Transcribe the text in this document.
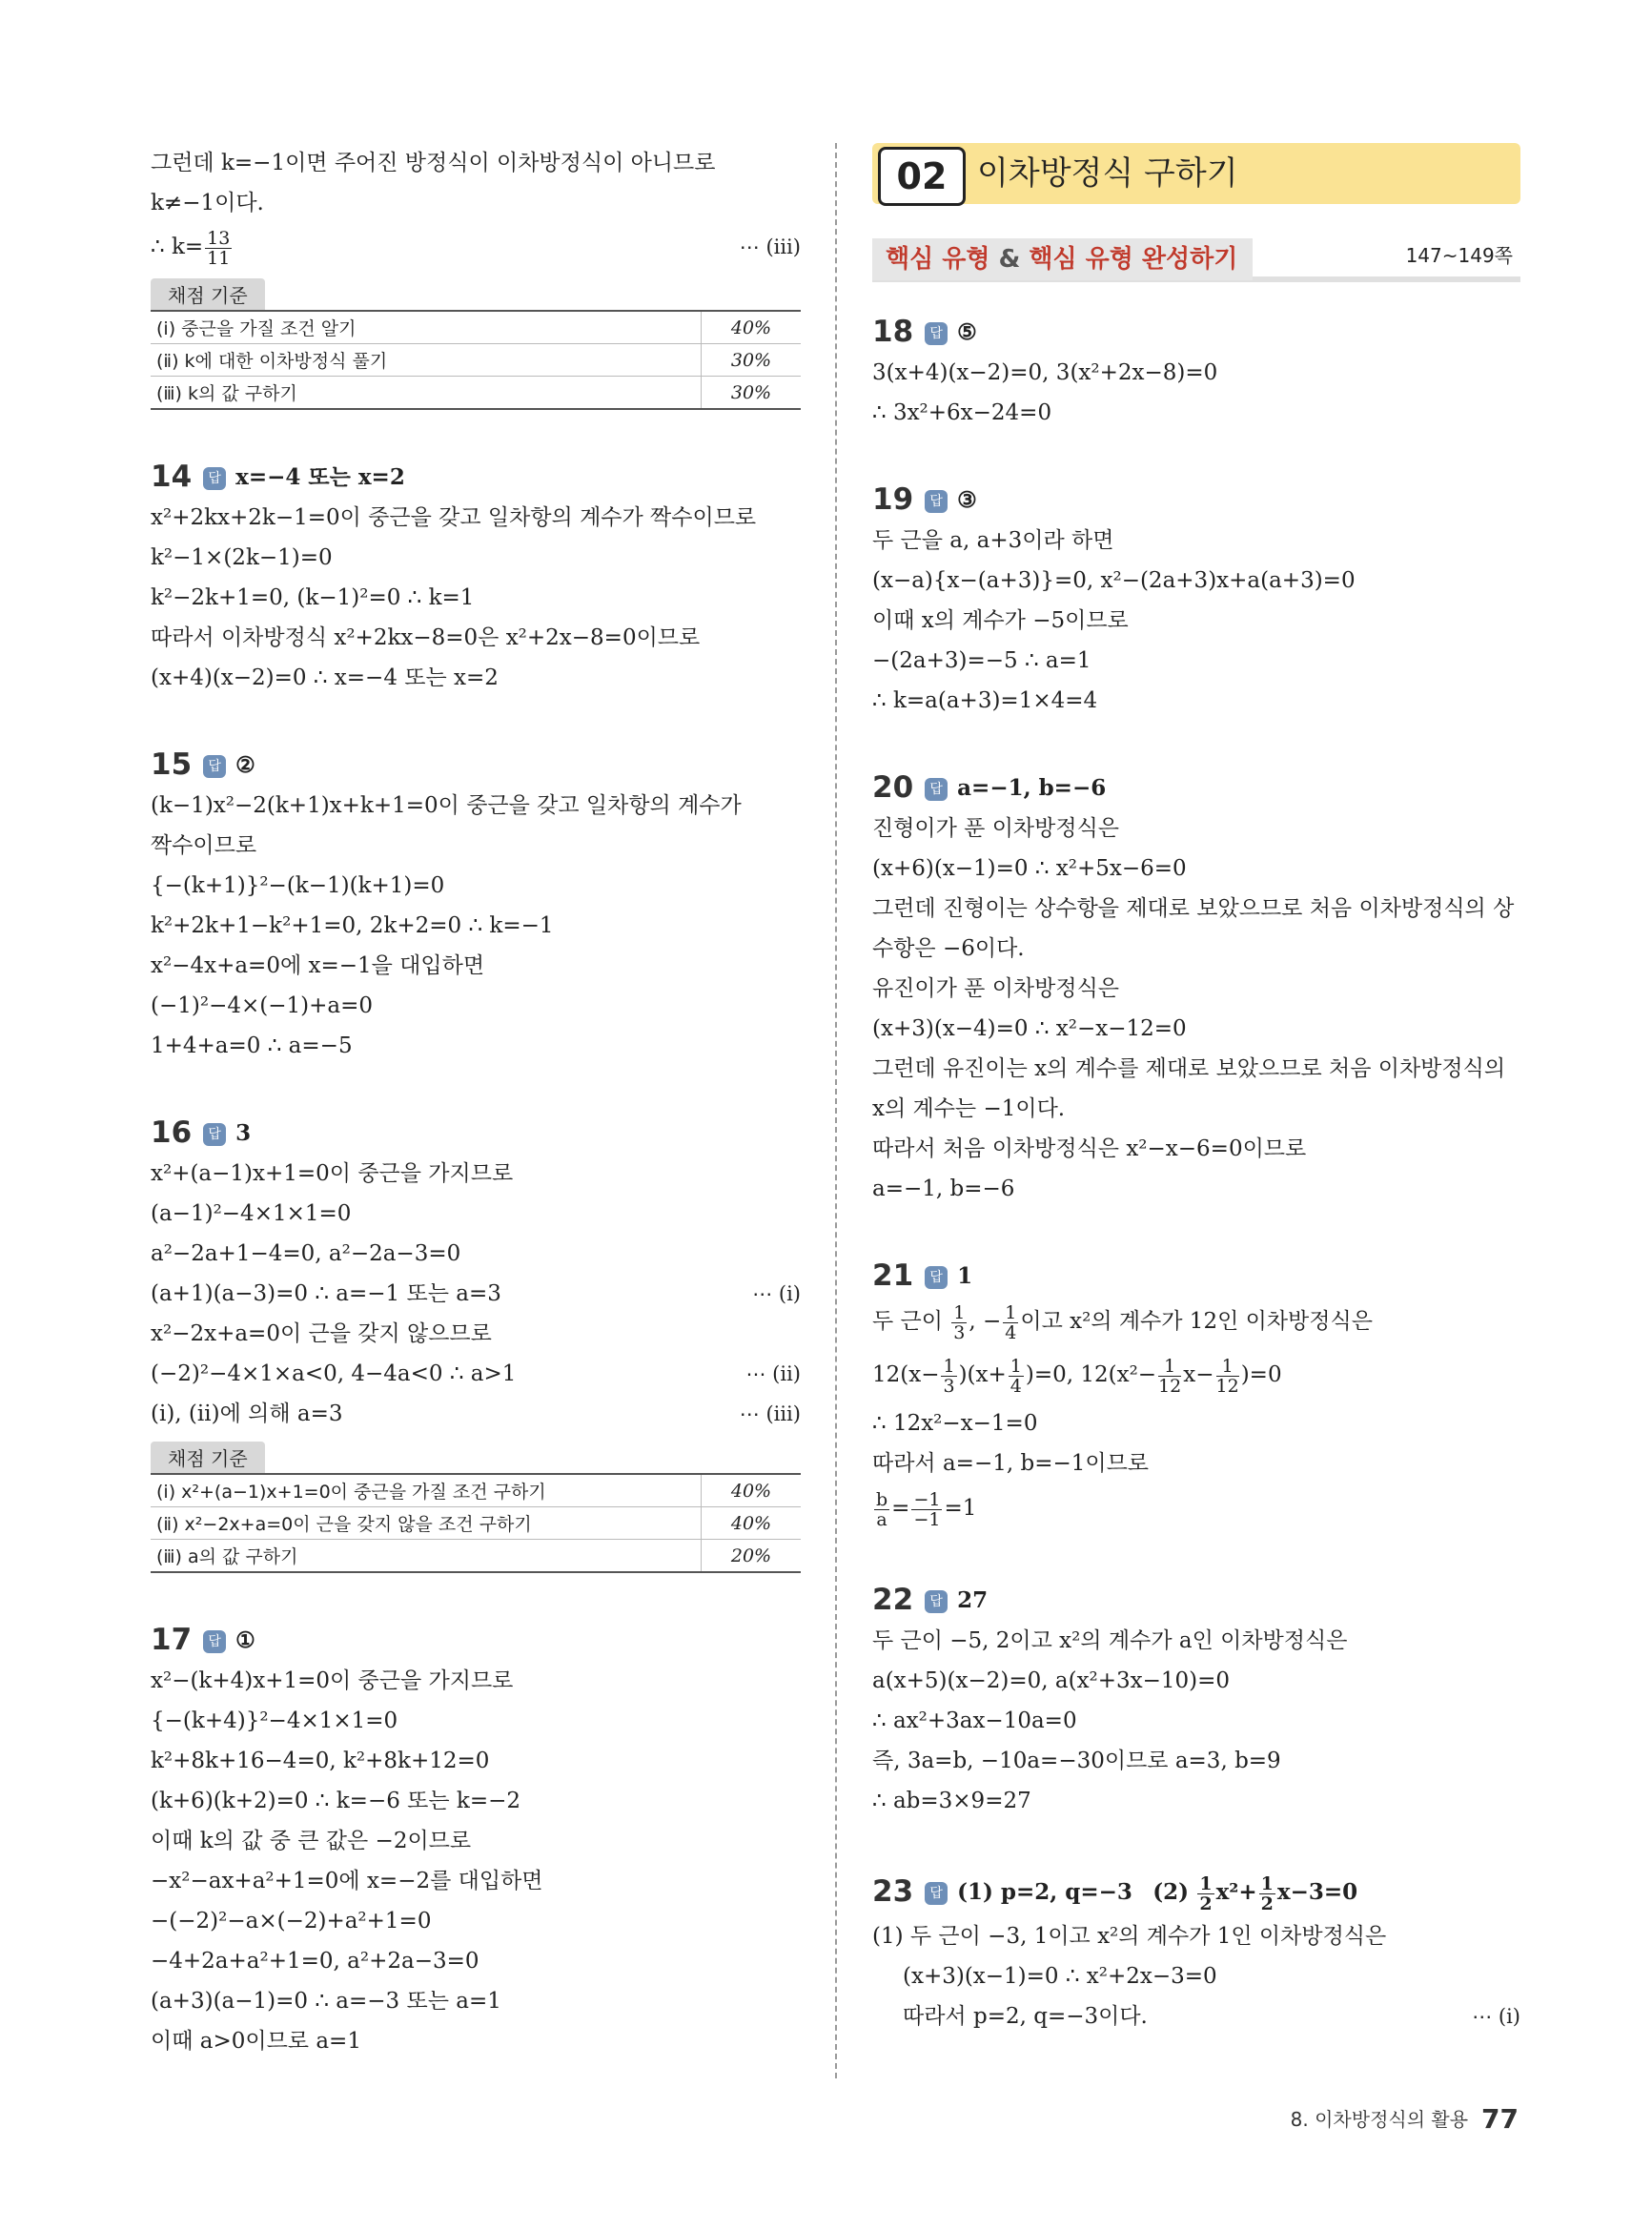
그런데 k=−1이면 주어진 방정식이 이차방정식이 아니므로
k≠−1이다.
∴ $k= \frac{13}{11}$	⋯ (ⅲ)
채점 기준
(ⅰ) 중근을 가질 조건 알기	40%
(ⅱ) k에 대한 이차방정식 풀기	30%
(ⅲ) k의 값 구하기	30%
14 답 x=−4 또는 x=2
x²+2kx+2k−1=0이 중근을 갖고 일차항의 계수가 짝수이므로
k²−1×(2k−1)=0
k²−2k+1=0, (k−1)²=0 ∴ k=1
따라서 이차방정식 x²+2kx−8=0은 x²+2x−8=0이므로
(x+4)(x−2)=0 ∴ x=−4 또는 x=2
15 답 ②
(k−1)x²−2(k+1)x+k+1=0이 중근을 갖고 일차항의 계수가
짝수이므로
{−(k+1)}²−(k−1)(k+1)=0
k²+2k+1−k²+1=0, 2k+2=0 ∴ k=−1
x²−4x+a=0에 x=−1을 대입하면
(−1)²−4×(−1)+a=0
1+4+a=0 ∴ a=−5
16 답 3
x²+(a−1)x+1=0이 중근을 가지므로
(a−1)²−4×1×1=0
a²−2a+1−4=0, a²−2a−3=0
(a+1)(a−3)=0 ∴ a=−1 또는 a=3	⋯ (ⅰ)
x²−2x+a=0이 근을 갖지 않으므로
(−2)²−4×1×a<0, 4−4a<0 ∴ a>1	⋯ (ⅱ)
(ⅰ), (ⅱ)에 의해 a=3	⋯ (ⅲ)
채점 기준
(ⅰ) x²+(a−1)x+1=0이 중근을 가질 조건 구하기	40%
(ⅱ) x²−2x+a=0이 근을 갖지 않을 조건 구하기	40%
(ⅲ) a의 값 구하기	20%
17 답 ①
x²−(k+4)x+1=0이 중근을 가지므로
{−(k+4)}²−4×1×1=0
k²+8k+16−4=0, k²+8k+12=0
(k+6)(k+2)=0 ∴ k=−6 또는 k=−2
이때 k의 값 중 큰 값은 −2이므로
−x²−ax+a²+1=0에 x=−2를 대입하면
−(−2)²−a×(−2)+a²+1=0
−4+2a+a²+1=0, a²+2a−3=0
(a+3)(a−1)=0 ∴ a=−3 또는 a=1
이때 a>0이므로 a=1
02 이차방정식 구하기
핵심 유형 & 핵심 유형 완성하기	147~149쪽
18 답 ⑤
3(x+4)(x−2)=0, 3(x²+2x−8)=0
∴ 3x²+6x−24=0
19 답 ③
두 근을 a, a+3이라 하면
(x−a){x−(a+3)}=0, x²−(2a+3)x+a(a+3)=0
이때 x의 계수가 −5이므로
−(2a+3)=−5 ∴ a=1
∴ k=a(a+3)=1×4=4
20 답 a=−1, b=−6
진형이가 푼 이차방정식은
(x+6)(x−1)=0 ∴ x²+5x−6=0
그런데 진형이는 상수항을 제대로 보았으므로 처음 이차방정식의 상
수항은 −6이다.
유진이가 푼 이차방정식은
(x+3)(x−4)=0 ∴ x²−x−12=0
그런데 유진이는 x의 계수를 제대로 보았으므로 처음 이차방정식의
x의 계수는 −1이다.
따라서 처음 이차방정식은 x²−x−6=0이므로
a=−1, b=−6
21 답 1
두 근이 $\frac{1}{3}$ , − $\frac{1}{4}$ 이고 x²의 계수가 12인 이차방정식은
$12(x- \frac{1}{3} )(x+ \frac{1}{4} )=0$, $12(x^2- \frac{1}{12} x- \frac{1}{12} )=0$
∴ 12x²−x−1=0
따라서 a=−1, b=−1이므로
$\frac{b}{a} = \frac{-1}{-1} =1$
22 답 27
두 근이 −5, 2이고 x²의 계수가 a인 이차방정식은
a(x+5)(x−2)=0, a(x²+3x−10)=0
∴ ax²+3ax−10a=0
즉, 3a=b, −10a=−30이므로 a=3, b=9
∴ ab=3×9=27
23 답 (1) p=2, q=−3 $(2) \frac{1}{2} x^2+ \frac{1}{2} x-3=0$
(1) 두 근이 −3, 1이고 x²의 계수가 1인 이차방정식은
(x+3)(x−1)=0 ∴ x²+2x−3=0
따라서 p=2, q=−3이다.	⋯ (ⅰ)
8. 이차방정식의 활용 77
